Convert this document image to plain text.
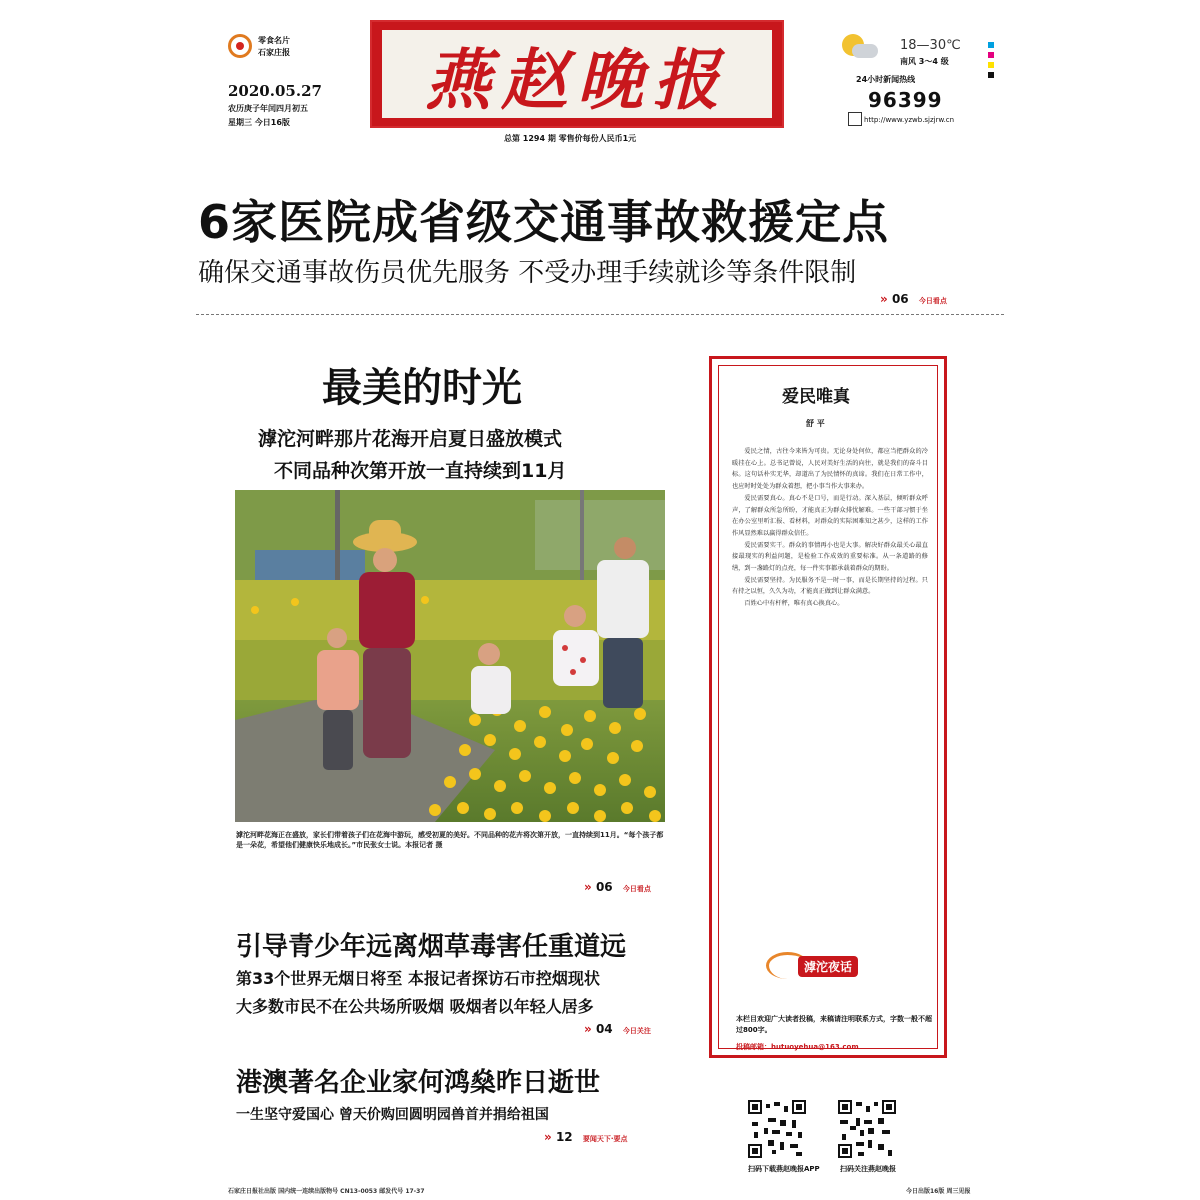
零食名片
石家庄报
2020.05.27
农历庚子年闰四月初五
星期三 今日16版
燕赵晚报
总第 1294 期 零售价每份人民币1元
18—30℃
南风 3～4 级
24小时新闻热线
96399
http://www.yzwb.sjzjrw.cn
6家医院成省级交通事故救援定点
确保交通事故伤员优先服务 不受办理手续就诊等条件限制
» 06 今日看点
最美的时光
滹沱河畔那片花海开启夏日盛放模式
不同品种次第开放一直持续到11月
滹沱河畔花海正在盛放，家长们带着孩子们在花海中游玩，感受初夏的美好。不同品种的花卉将次第开放，一直持续到11月。“每个孩子都是一朵花，希望他们健康快乐地成长。”市民张女士说。本报记者 摄
» 06 今日看点
引导青少年远离烟草毒害任重道远
第33个世界无烟日将至 本报记者探访石市控烟现状
大多数市民不在公共场所吸烟 吸烟者以年轻人居多
» 04 今日关注
港澳著名企业家何鸿燊昨日逝世
一生坚守爱国心 曾天价购回圆明园兽首并捐给祖国
» 12 要闻天下·要点
爱民唯真
舒 平

爱民之情，古往今来皆为可贵。无论身处何位，都应当把群众的冷暖挂在心上。总书记曾说，人民对美好生活的向往，就是我们的奋斗目标。这句话朴实无华，却道出了为民情怀的真谛。我们在日常工作中，也应时时处处为群众着想，把小事当作大事来办。

爱民需要真心。真心不是口号，而是行动。深入基层，倾听群众呼声，了解群众所急所盼，才能真正为群众排忧解难。一些干部习惯于坐在办公室里听汇报、看材料，对群众的实际困难知之甚少，这样的工作作风显然难以赢得群众信任。

爱民需要实干。群众的事情再小也是大事。解决好群众最关心最直接最现实的利益问题，是检验工作成效的重要标准。从一条道路的修缮，到一盏路灯的点亮，每一件实事都承载着群众的期盼。

爱民需要坚持。为民服务不是一时一事，而是长期坚持的过程。只有持之以恒，久久为功，才能真正做到让群众满意。

百姓心中有杆秤，唯有真心换真心。

滹沱夜话
本栏目欢迎广大读者投稿，来稿请注明联系方式，字数一般不超过800字。
投稿邮箱：hutuoyehua@163.com
扫码下载燕赵晚报APP	扫码关注燕赵晚报
石家庄日报社出版 国内统一连续出版物号 CN13-0053 邮发代号 17-37	今日出版16版 周三见报
